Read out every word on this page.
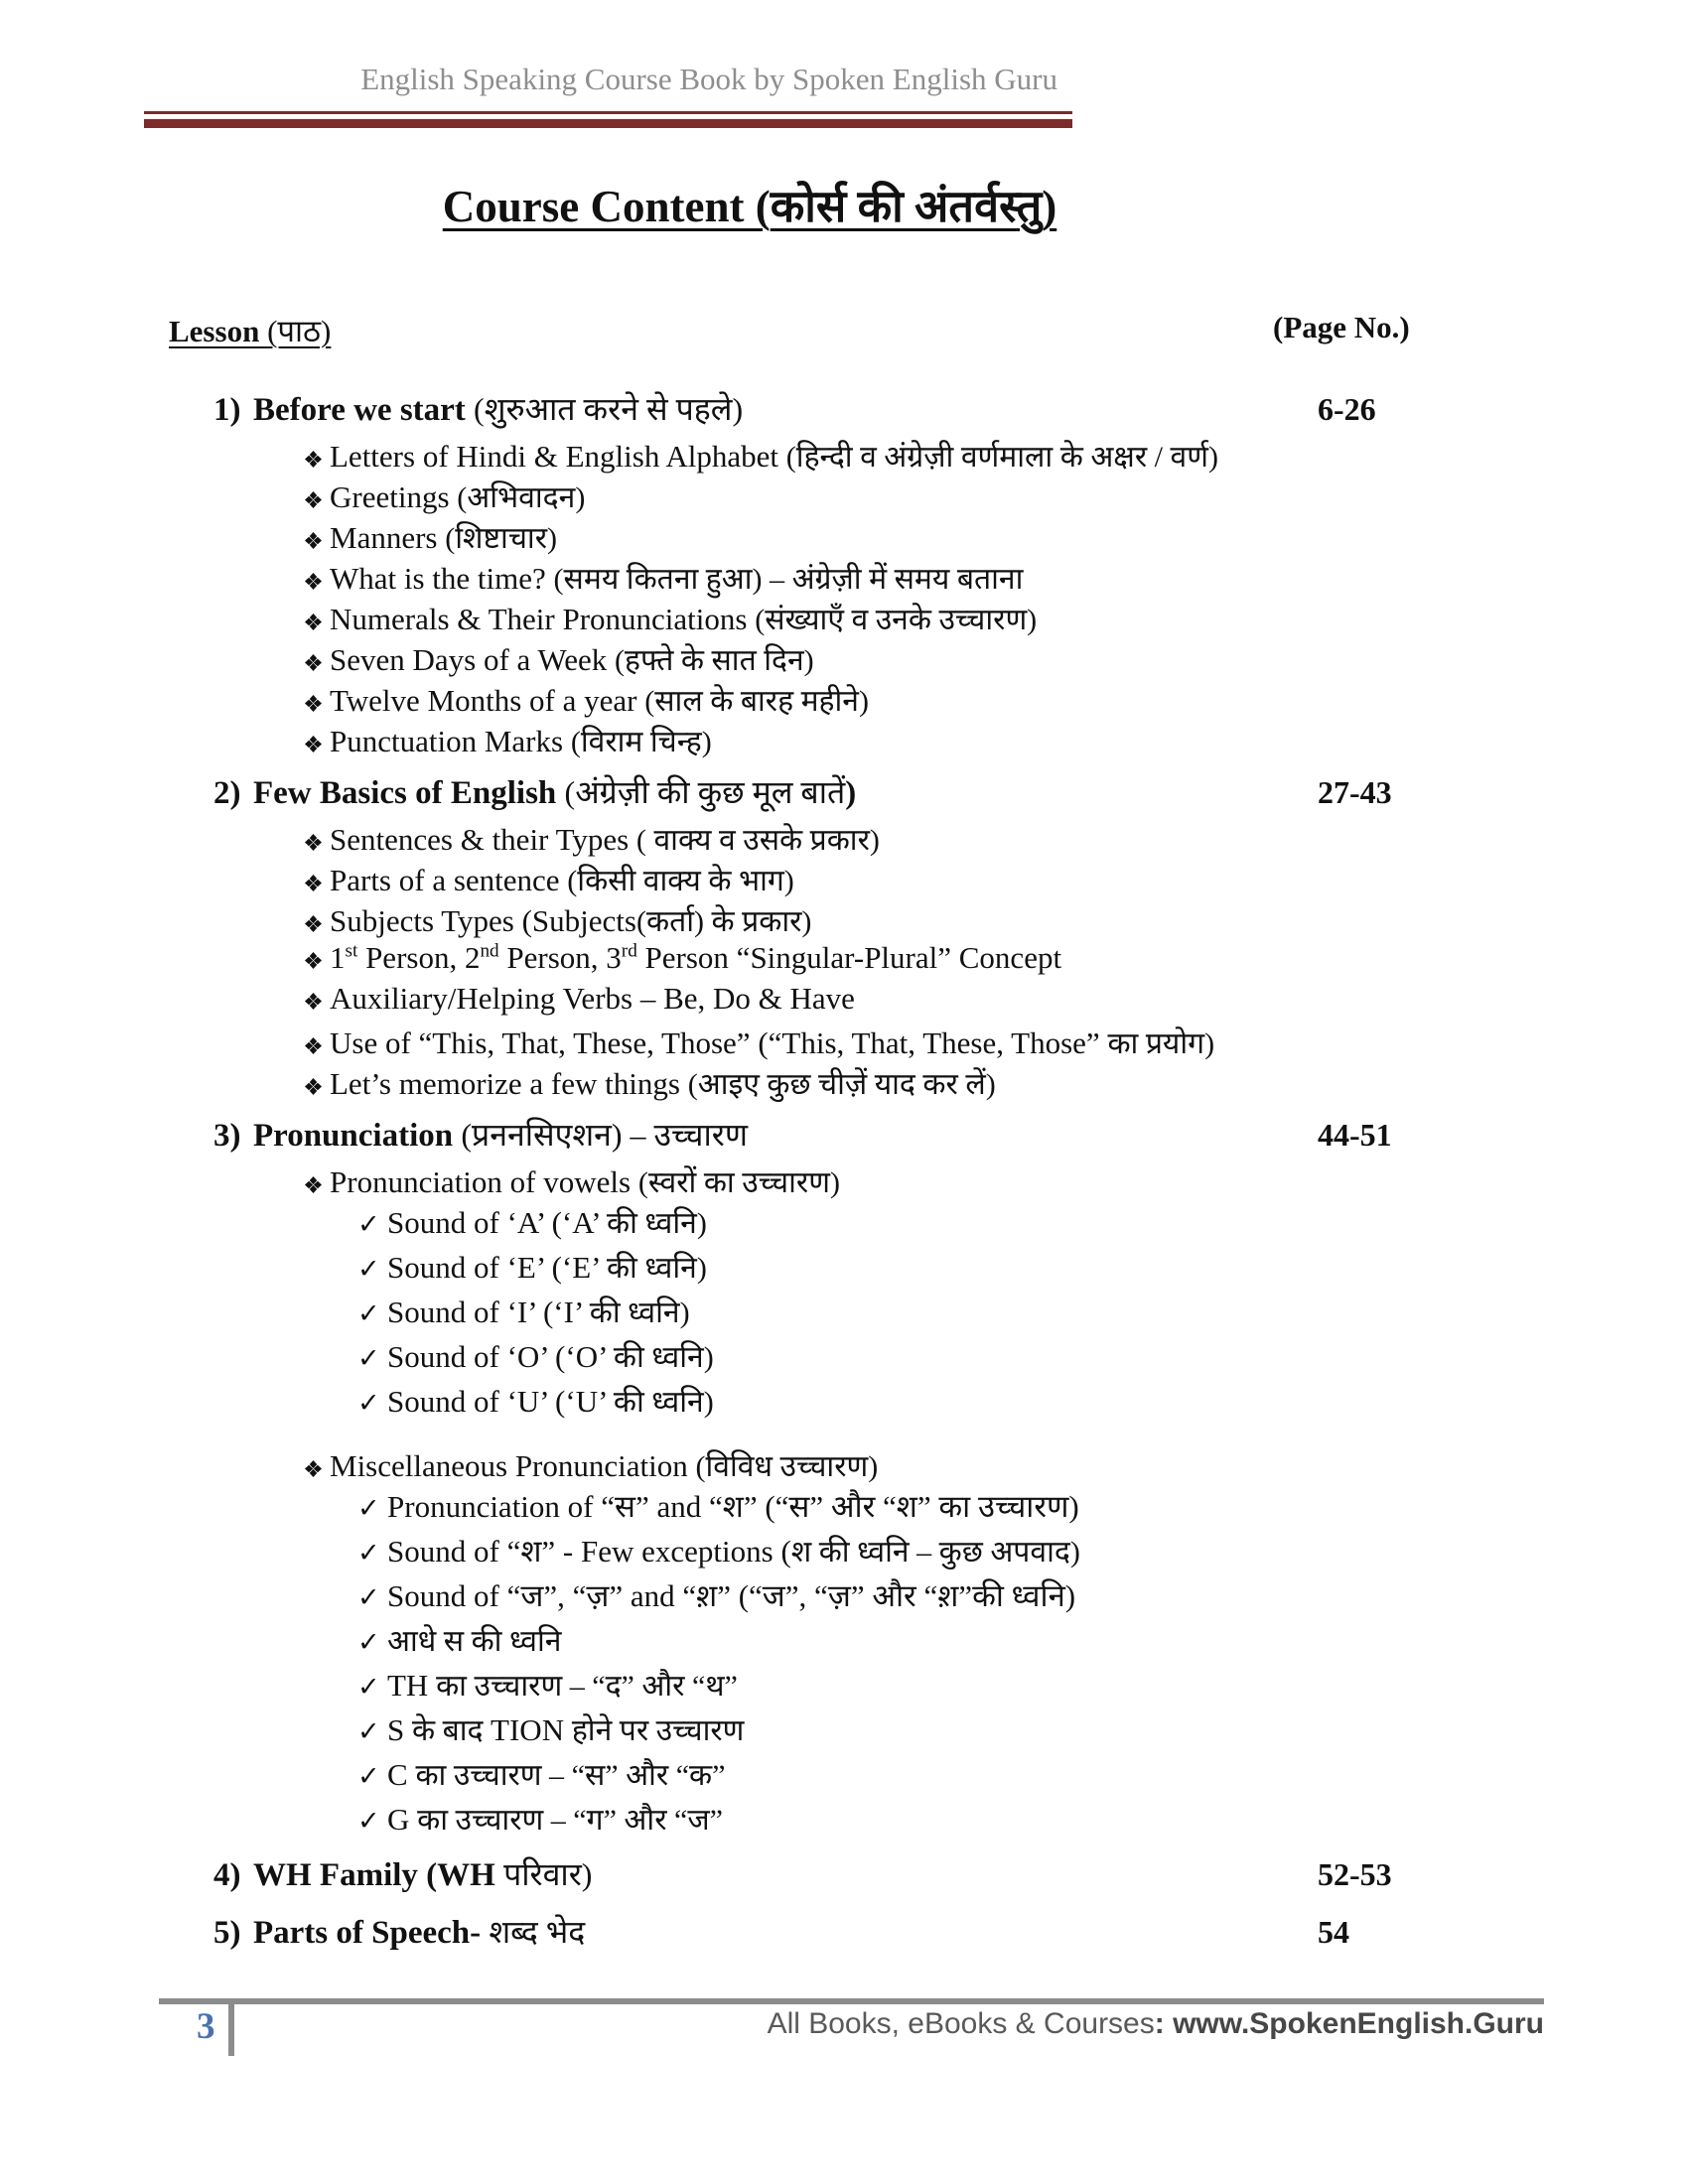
English Speaking Course Book by Spoken English Guru
Course Content (कोर्स की अंतर्वस्तु)
Lesson (पाठ)	(Page No.)
1) Before we start (शुरुआत करने से पहले)	6-26
Letters of Hindi & English Alphabet (हिन्दी व अंग्रेज़ी वर्णमाला के अक्षर / वर्ण)
Greetings (अभिवादन)
Manners (शिष्टाचार)
What is the time? (समय कितना हुआ) – अंग्रेज़ी में समय बताना
Numerals & Their Pronunciations (संख्याएँ व उनके उच्चारण)
Seven Days of a Week (हफ्ते के सात दिन)
Twelve Months of a year (साल के बारह महीने)
Punctuation Marks (विराम चिन्ह)
2) Few Basics of English (अंग्रेज़ी की कुछ मूल बातें)	27-43
Sentences & their Types ( वाक्य व उसके प्रकार)
Parts of a sentence (किसी वाक्य के भाग)
Subjects Types (Subjects(कर्ता) के प्रकार)
1st Person, 2nd Person, 3rd Person “Singular-Plural” Concept
Auxiliary/Helping Verbs – Be, Do & Have
Use of “This, That, These, Those” (“This, That, These, Those” का प्रयोग)
Let’s memorize a few things (आइए कुछ चीज़ें याद कर लें)
3) Pronunciation (प्रननसिएशन) – उच्चारण	44-51
Pronunciation of vowels (स्वरों का उच्चारण)
✓ Sound of ‘A’ (‘A’ की ध्वनि)
✓ Sound of ‘E’ (‘E’ की ध्वनि)
✓ Sound of ‘I’ (‘I’ की ध्वनि)
✓ Sound of ‘O’ (‘O’ की ध्वनि)
✓ Sound of ‘U’ (‘U’ की ध्वनि)
Miscellaneous Pronunciation (विविध उच्चारण)
✓ Pronunciation of “स” and “श” (“स” और “श” का उच्चारण)
✓ Sound of “श” - Few exceptions (श की ध्वनि – कुछ अपवाद)
✓ Sound of “ज”, “ज़” and “श़” (“ज”, “ज़” और “श़”की ध्वनि)
✓ आधे स की ध्वनि
✓ TH का उच्चारण – “द” और “थ”
✓ S के बाद TION होने पर उच्चारण
✓ C का उच्चारण – “स” और “क”
✓ G का उच्चारण – “ग” और “ज”
4) WH Family (WH परिवार)	52-53
5) Parts of Speech- शब्द भेद	54
3	All Books, eBooks & Courses: www.SpokenEnglish.Guru
